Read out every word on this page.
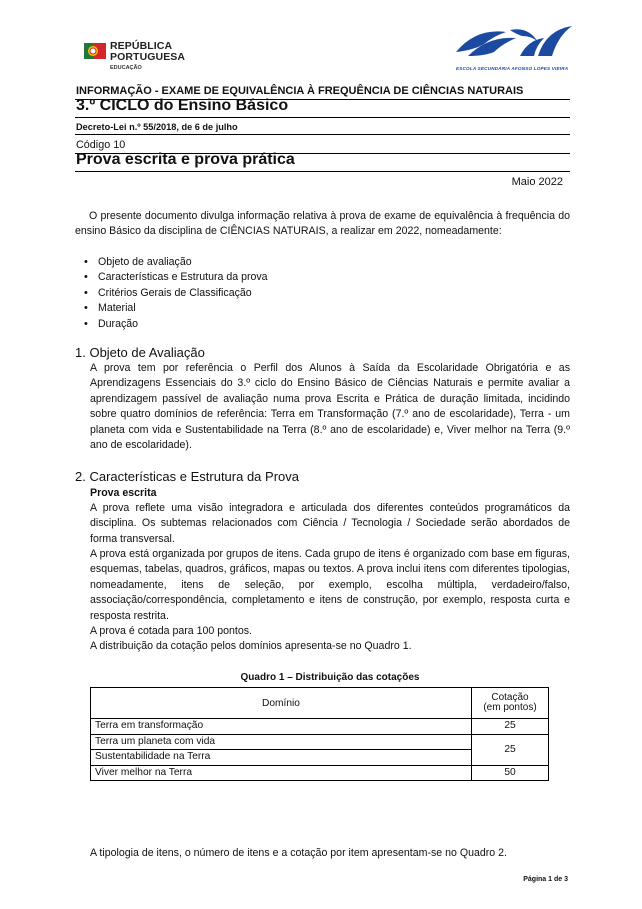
REPÚBLICA
PORTUGUESA
EDUCAÇÃO	ESCOLA SECUNDÁRIA AFONSO LOPES VIEIRA
INFORMAÇÃO - EXAME DE EQUIVALÊNCIA À FREQUÊNCIA DE CIÊNCIAS NATURAIS
3.º CICLO do Ensino Básico
Decreto-Lei n.º 55/2018, de 6 de julho
Código 10
Prova escrita e prova prática
Maio 2022
O presente documento divulga informação relativa à prova de exame de equivalência à frequência do ensino Básico da disciplina de CIÊNCIAS NATURAIS, a realizar em 2022, nomeadamente:
• Objeto de avaliação
• Características e Estrutura da prova
• Critérios Gerais de Classificação
• Material
• Duração
1. Objeto de Avaliação
A prova tem por referência o Perfil dos Alunos à Saída da Escolaridade Obrigatória e as Aprendizagens Essenciais do 3.º ciclo do Ensino Básico de Ciências Naturais e permite avaliar a aprendizagem passível de avaliação numa prova Escrita e Prática de duração limitada, incidindo sobre quatro domínios de referência: Terra em Transformação (7.º ano de escolaridade), Terra - um planeta com vida e Sustentabilidade na Terra (8.º ano de escolaridade) e, Viver melhor na Terra (9.º ano de escolaridade).
2. Características e Estrutura da Prova
Prova escrita
A prova reflete uma visão integradora e articulada dos diferentes conteúdos programáticos da disciplina. Os subtemas relacionados com Ciência / Tecnologia / Sociedade serão abordados de forma transversal.
A prova está organizada por grupos de itens. Cada grupo de itens é organizado com base em figuras, esquemas, tabelas, quadros, gráficos, mapas ou textos. A prova inclui itens com diferentes tipologias, nomeadamente, itens de seleção, por exemplo, escolha múltipla, verdadeiro/falso, associação/correspondência, completamento e itens de construção, por exemplo, resposta curta e resposta restrita.
A prova é cotada para 100 pontos.
A distribuição da cotação pelos domínios apresenta-se no Quadro 1.
Quadro 1 – Distribuição das cotações
Domínio	Cotação
(em pontos)

Terra em transformação	25
Terra um planeta com vida	25
Sustentabilidade na Terra	
Viver melhor na Terra	50
A tipologia de itens, o número de itens e a cotação por item apresentam-se no Quadro 2.
Página 1 de 3
